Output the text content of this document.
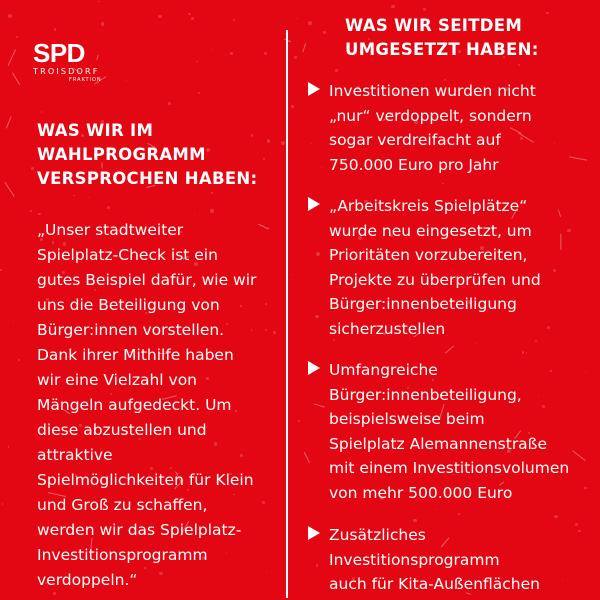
SPD
TROISDORF
FRAKTION
WAS WIR IM
WAHLPROGRAMM
VERSPROCHEN HABEN:
„Unser stadtweiter
Spielplatz-Check ist ein
gutes Beispiel dafür, wie wir
uns die Beteiligung von
Bürger:innen vorstellen.
Dank ihrer Mithilfe haben
wir eine Vielzahl von
Mängeln aufgedeckt. Um
diese abzustellen und
attraktive
Spielmöglichkeiten für Klein
und Groß zu schaffen,
werden wir das Spielplatz-
Investitionsprogramm
verdoppeln.“
WAS WIR SEITDEM
UMGESETZT HABEN:
Investitionen wurden nicht
„nur“ verdoppelt, sondern
sogar verdreifacht auf
750.000 Euro pro Jahr
„Arbeitskreis Spielplätze“
wurde neu eingesetzt, um
Prioritäten vorzubereiten,
Projekte zu überprüfen und
Bürger:innenbeteiligung
sicherzustellen
Umfangreiche
Bürger:innenbeteiligung,
beispielsweise beim
Spielplatz Alemannenstraße
mit einem Investitionsvolumen
von mehr 500.000 Euro
Zusätzliches
Investitionsprogramm
auch für Kita-Außenflächen
